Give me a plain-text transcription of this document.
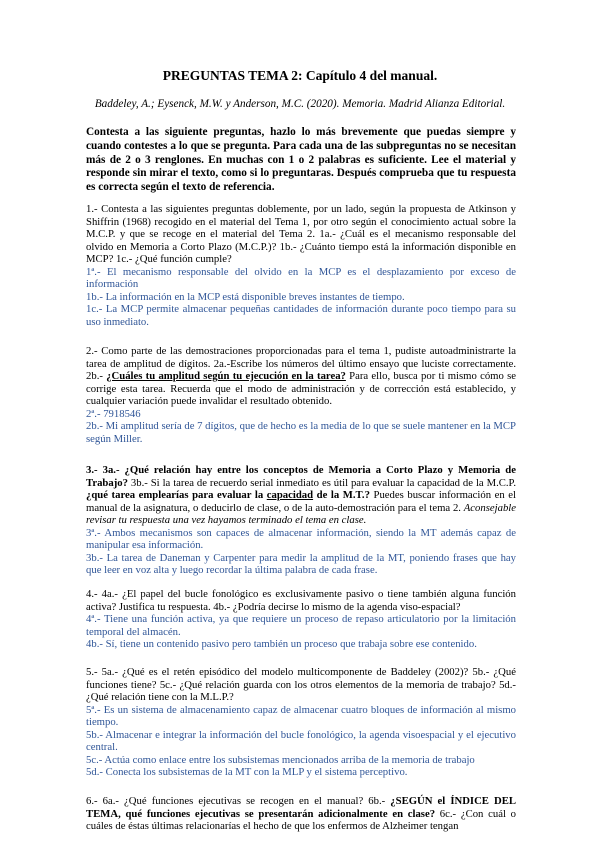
PREGUNTAS TEMA 2: Capítulo 4 del manual.
Baddeley, A.; Eysenck, M.W. y Anderson, M.C. (2020). Memoria. Madrid Alianza Editorial.
Contesta a las siguiente preguntas, hazlo lo más brevemente que puedas siempre y cuando contestes a lo que se pregunta. Para cada una de las subpreguntas no se necesitan más de 2 o 3 renglones. En muchas con 1 o 2 palabras es suficiente. Lee el material y responde sin mirar el texto, como si lo preguntaras. Después comprueba que tu respuesta es correcta según el texto de referencia.

1.- Contesta a las siguientes preguntas doblemente, por un lado, según la propuesta de Atkinson y Shiffrin (1968) recogido en el material del Tema 1, por otro según el conocimiento actual sobre la M.C.P. y que se recoge en el material del Tema 2. 1a.- ¿Cuál es el mecanismo responsable del olvido en Memoria a Corto Plazo (M.C.P.)? 1b.- ¿Cuánto tiempo está la información disponible en MCP? 1c.- ¿Qué función cumple?

1ª.- El mecanismo responsable del olvido en la MCP es el desplazamiento por exceso de información

1b.- La información en la MCP está disponible breves instantes de tiempo.

1c.- La MCP permite almacenar pequeñas cantidades de información durante poco tiempo para su uso inmediato.

2.- Como parte de las demostraciones proporcionadas para el tema 1, pudiste autoadministrarte la tarea de amplitud de dígitos. 2a.-Escribe los números del último ensayo que luciste correctamente. 2b.- ¿Cuáles tu amplitud según tu ejecución en la tarea? Para ello, busca por ti mismo cómo se corrige esta tarea. Recuerda que el modo de administración y de corrección está establecido, y cualquier variación puede invalidar el resultado obtenido.

2ª.- 7918546

2b.- Mi amplitud sería de 7 dígitos, que de hecho es la media de lo que se suele mantener en la MCP según Miller.

3.- 3a.- ¿Qué relación hay entre los conceptos de Memoria a Corto Plazo y Memoria de Trabajo? 3b.- Si la tarea de recuerdo serial inmediato es útil para evaluar la capacidad de la M.C.P. ¿qué tarea emplearías para evaluar la capacidad de la M.T.? Puedes buscar información en el manual de la asignatura, o deducirlo de clase, o de la auto-demostración para el tema 2. Aconsejable revisar tu respuesta una vez hayamos terminado el tema en clase.

3ª.- Ambos mecanismos son capaces de almacenar información, siendo la MT además capaz de manipular esa información.

3b.- La tarea de Daneman y Carpenter para medir la amplitud de la MT, poniendo frases que hay que leer en voz alta y luego recordar la última palabra de cada frase.

4.- 4a.- ¿El papel del bucle fonológico es exclusivamente pasivo o tiene también alguna función activa? Justifica tu respuesta. 4b.- ¿Podría decirse lo mismo de la agenda viso-espacial?

4ª.- Tiene una función activa, ya que requiere un proceso de repaso articulatorio por la limitación temporal del almacén.

4b.- Sí, tiene un contenido pasivo pero también un proceso que trabaja sobre ese contenido.

5.- 5a.- ¿Qué es el retén episódico del modelo multicomponente de Baddeley (2002)? 5b.- ¿Qué funciones tiene? 5c.- ¿Qué relación guarda con los otros elementos de la memoria de trabajo? 5d.- ¿Qué relación tiene con la M.L.P.?

5ª.- Es un sistema de almacenamiento capaz de almacenar cuatro bloques de información al mismo tiempo.

5b.- Almacenar e integrar la información del bucle fonológico, la agenda visoespacial y el ejecutivo central.

5c.- Actúa como enlace entre los subsistemas mencionados arriba de la memoria de trabajo

5d.- Conecta los subsistemas de la MT con la MLP y el sistema perceptivo.

6.- 6a.- ¿Qué funciones ejecutivas se recogen en el manual? 6b.- ¿SEGÚN el ÍNDICE DEL TEMA, qué funciones ejecutivas se presentarán adicionalmente en clase? 6c.- ¿Con cuál o cuáles de éstas últimas relacionarías el hecho de que los enfermos de Alzheimer tengan
